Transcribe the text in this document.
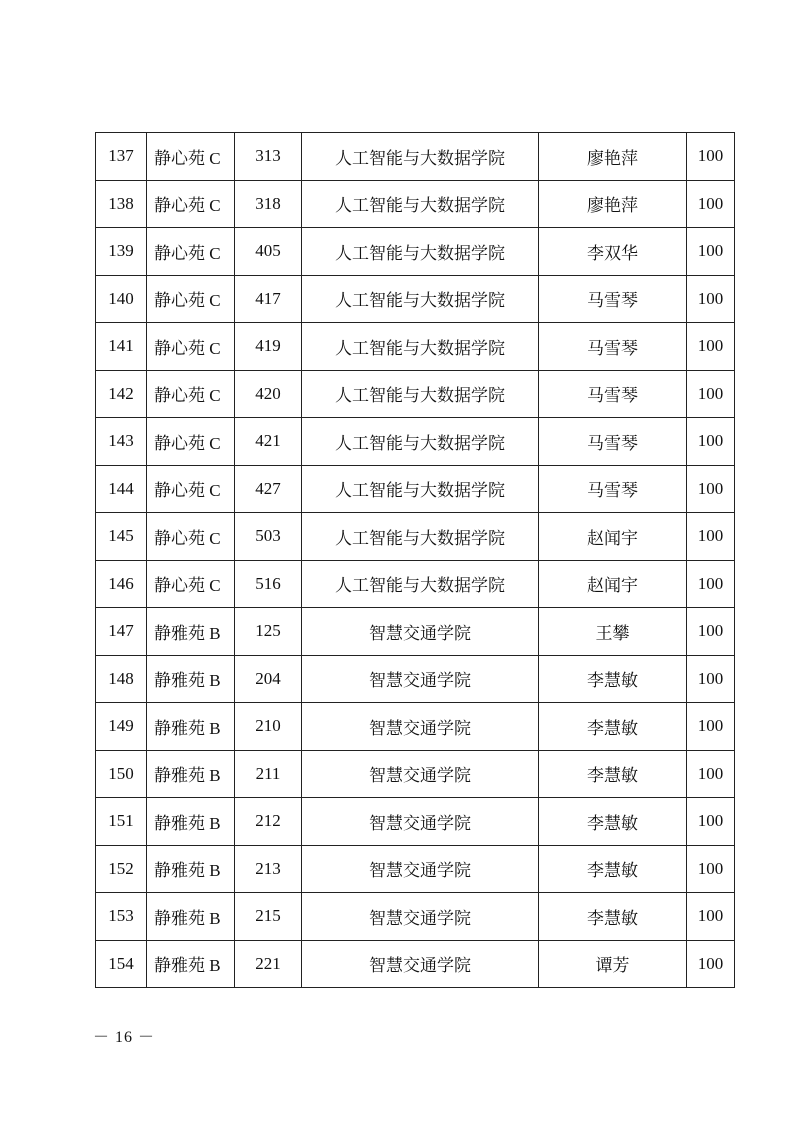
137	静心苑 C	313	人工智能与大数据学院	廖艳萍	100
138	静心苑 C	318	人工智能与大数据学院	廖艳萍	100
139	静心苑 C	405	人工智能与大数据学院	李双华	100
140	静心苑 C	417	人工智能与大数据学院	马雪琴	100
141	静心苑 C	419	人工智能与大数据学院	马雪琴	100
142	静心苑 C	420	人工智能与大数据学院	马雪琴	100
143	静心苑 C	421	人工智能与大数据学院	马雪琴	100
144	静心苑 C	427	人工智能与大数据学院	马雪琴	100
145	静心苑 C	503	人工智能与大数据学院	赵闻宇	100
146	静心苑 C	516	人工智能与大数据学院	赵闻宇	100
147	静雅苑 B	125	智慧交通学院	王攀	100
148	静雅苑 B	204	智慧交通学院	李慧敏	100
149	静雅苑 B	210	智慧交通学院	李慧敏	100
150	静雅苑 B	211	智慧交通学院	李慧敏	100
151	静雅苑 B	212	智慧交通学院	李慧敏	100
152	静雅苑 B	213	智慧交通学院	李慧敏	100
153	静雅苑 B	215	智慧交通学院	李慧敏	100
154	静雅苑 B	221	智慧交通学院	谭芳	100
－ 16 －
